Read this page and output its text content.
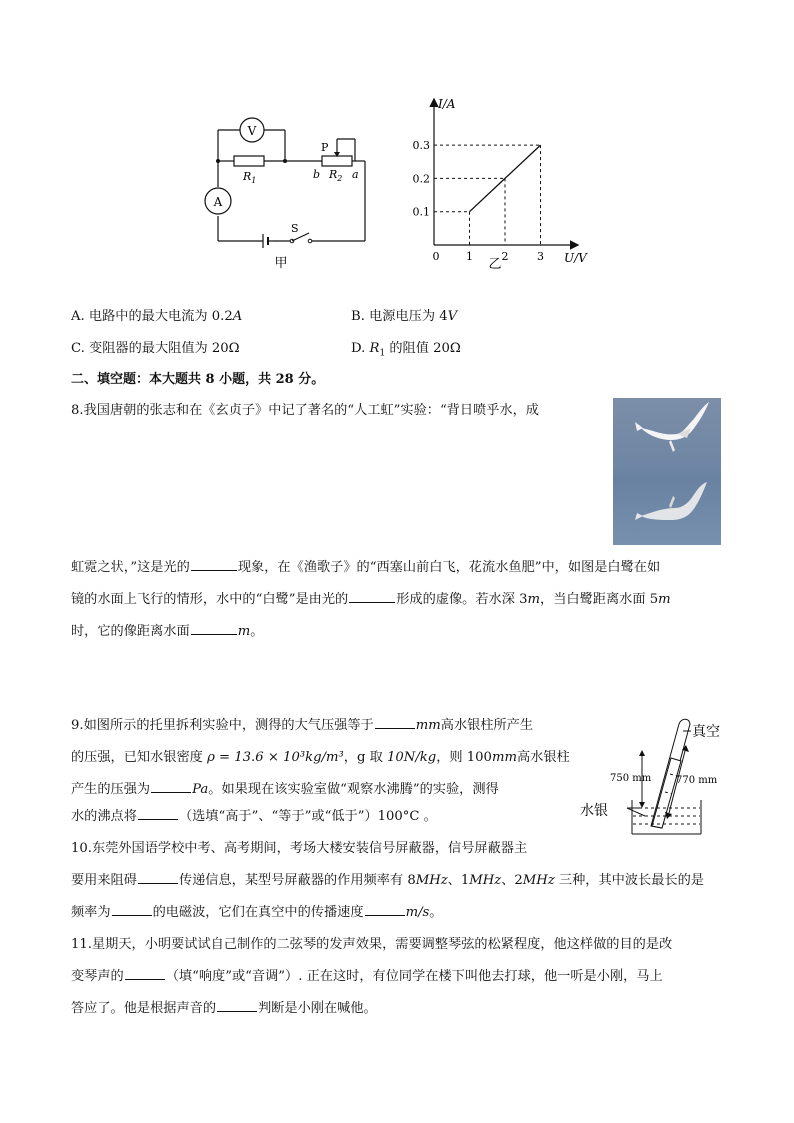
V
A
P
$R_1$	b $R_2$ a
S
甲
I/A
U/V
0
0.1
0.2
0.3
1	2	3
乙
A. 电路中的最大电流为 0.2A	B. 电源电压为 4V
C. 变阻器的最大阻值为 20Ω	D. $R_1$ 的阻值 20Ω
二、填空题：本大题共 8 小题，共 28 分。
8.我国唐朝的张志和在《玄贞子》中记了著名的“人工虹”实验：“背日喷乎水，成
虹霓之状，”这是光的	现象，在《渔歌子》的“西塞山前白飞，花流水鱼肥”中，如图是白鹭在如
镜的水面上飞行的情形，水中的“白鹭”是由光的	形成的虚像。若水深 3m，当白鹭距离水面 5m
时，它的像距离水面	m。
9.如图所示的托里拆利实验中，测得的大气压强等于	mm高水银柱所产生
的压强，已知水银密度 ρ = 13.6 × 10³kg/m³，g 取 10N/kg，则 100mm高水银柱
产生的压强为	Pa。如果现在该实验室做“观察水沸腾”的实验，测得
水的沸点将	（选填“高于”、“等于”或“低于”）100°C 。
真空
750 mm 770 mm
水银
10.东莞外国语学校中考、高考期间，考场大楼安装信号屏蔽器，信号屏蔽器主
要用来阻碍	传递信息，某型号屏蔽器的作用频率有 8MHz、1MHz、2MHz 三种，其中波长最长的是
频率为	的电磁波，它们在真空中的传播速度	m/s。
11.星期天，小明要试试自己制作的二弦琴的发声效果，需要调整琴弦的松紧程度，他这样做的目的是改
变琴声的	（填“响度”或“音调”）. 正在这时，有位同学在楼下叫他去打球，他一听是小刚，马上
答应了。他是根据声音的	判断是小刚在喊他。
